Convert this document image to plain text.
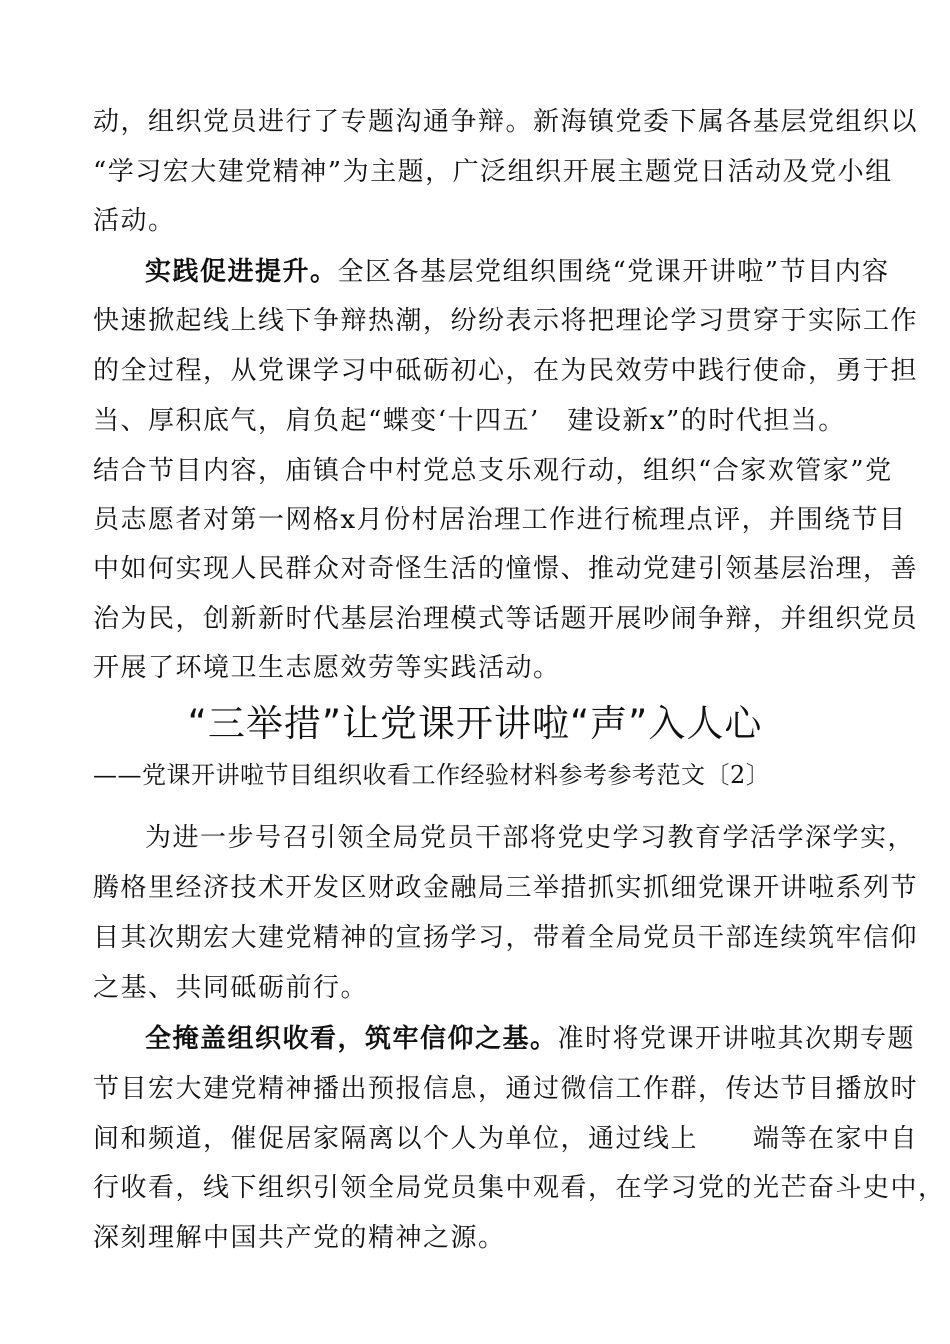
动，组织党员进行了专题沟通争辩。新海镇党委下属各基层党组织以
“学习宏大建党精神”为主题，广泛组织开展主题党日活动及党小组
活动。
实践促进提升。全区各基层党组织围绕“党课开讲啦”节目内容
快速掀起线上线下争辩热潮，纷纷表示将把理论学习贯穿于实际工作
的全过程，从党课学习中砥砺初心，在为民效劳中践行使命，勇于担
当、厚积底气，肩负起“蝶变‘十四五’　建设新x”的时代担当。
结合节目内容，庙镇合中村党总支乐观行动，组织“合家欢管家”党
员志愿者对第一网格x月份村居治理工作进行梳理点评，并围绕节目
中如何实现人民群众对奇怪生活的憧憬、推动党建引领基层治理，善
治为民，创新新时代基层治理模式等话题开展吵闹争辩，并组织党员
开展了环境卫生志愿效劳等实践活动。
“三举措”让党课开讲啦“声”入人心
——党课开讲啦节目组织收看工作经验材料参考参考范文〔2〕
为进一步号召引领全局党员干部将党史学习教育学活学深学实，
腾格里经济技术开发区财政金融局三举措抓实抓细党课开讲啦系列节
目其次期宏大建党精神的宣扬学习，带着全局党员干部连续筑牢信仰
之基、共同砥砺前行。
全掩盖组织收看，筑牢信仰之基。准时将党课开讲啦其次期专题
节目宏大建党精神播出预报信息，通过微信工作群，传达节目播放时
间和频道，催促居家隔离以个人为单位，通过线上　　端等在家中自
行收看，线下组织引领全局党员集中观看，在学习党的光芒奋斗史中，
深刻理解中国共产党的精神之源。
